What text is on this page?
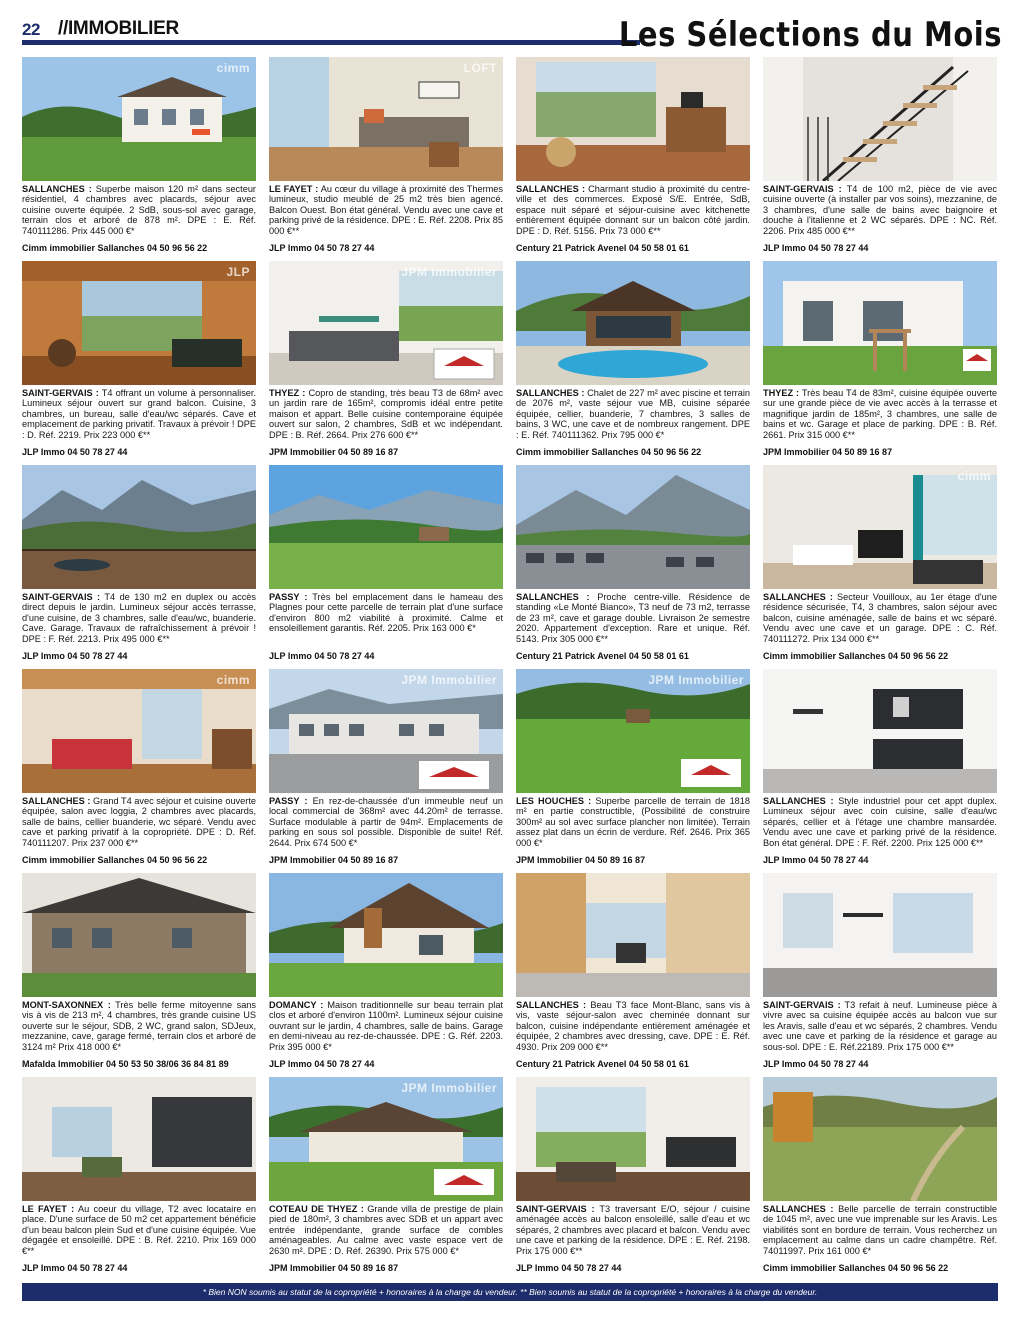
22 //IMMOBILIER	Les Sélections du Mois
cimm
SALLANCHES : Superbe maison 120 m² dans secteur résidentiel, 4 chambres avec placards, séjour avec cuisine ouverte équipée. 2 SdB, sous-sol avec garage, terrain clos et arboré de 878 m². DPE : E. Réf. 740111286. Prix 445 000 €*
Cimm immobilier Sallanches 04 50 96 56 22
LOFT
LE FAYET : Au cœur du village à proximité des Thermes lumineux, studio meublé de 25 m2 très bien agencé. Balcon Ouest. Bon état général. Vendu avec une cave et parking privé de la résidence. DPE : E. Réf. 2208. Prix 85 000 €**
JLP Immo 04 50 78 27 44
SALLANCHES : Charmant studio à proximité du centre-ville et des commerces. Exposé S/E. Entrée, SdB, espace nuit séparé et séjour-cuisine avec kitchenette entièrement équipée donnant sur un balcon côté jardin. DPE : D. Réf. 5156. Prix 73 000 €**
Century 21 Patrick Avenel 04 50 58 01 61
SAINT-GERVAIS : T4 de 100 m2, pièce de vie avec cuisine ouverte (à installer par vos soins), mezzanine, de 3 chambres, d'une salle de bains avec baignoire et douche à l'italienne et 2 WC séparés. DPE : NC. Réf. 2206. Prix 485 000 €**
JLP Immo 04 50 78 27 44
JLP
SAINT-GERVAIS : T4 offrant un volume à personnaliser. Lumineux séjour ouvert sur grand balcon. Cuisine, 3 chambres, un bureau, salle d'eau/wc séparés. Cave et emplacement de parking privatif. Travaux à prévoir ! DPE : D. Réf. 2219. Prix 223 000 €**
JLP Immo 04 50 78 27 44
JPM Immobilier
THYEZ : Copro de standing, très beau T3 de 68m² avec un jardin rare de 165m², compromis idéal entre petite maison et appart. Belle cuisine contemporaine équipée ouvert sur salon, 2 chambres, SdB et wc indépendant. DPE : B. Réf. 2664. Prix 276 600 €**
JPM Immobilier 04 50 89 16 87
SALLANCHES : Chalet de 227 m² avec piscine et terrain de 2076 m², vaste séjour vue MB, cuisine séparée équipée, cellier, buanderie, 7 chambres, 3 salles de bains, 3 WC, une cave et de nombreux rangement. DPE : E. Réf. 740111362. Prix 795 000 €*
Cimm immobilier Sallanches 04 50 96 56 22
THYEZ : Très beau T4 de 83m², cuisine équipée ouverte sur une grande pièce de vie avec accès à la terrasse et magnifique jardin de 185m², 3 chambres, une salle de bains et wc. Garage et place de parking. DPE : B. Réf. 2661. Prix 315 000 €**
JPM Immobilier 04 50 89 16 87
SAINT-GERVAIS : T4 de 130 m2 en duplex ou accès direct depuis le jardin. Lumineux séjour accès terrasse, d'une cuisine, de 3 chambres, salle d'eau/wc, buanderie. Cave. Garage. Travaux de rafraîchissement à prévoir ! DPE : F. Réf. 2213. Prix 495 000 €**
JLP Immo 04 50 78 27 44
PASSY : Très bel emplacement dans le hameau des Plagnes pour cette parcelle de terrain plat d'une surface d'environ 800 m2 viabilité à proximité. Calme et ensoleillement garantis. Réf. 2205. Prix 163 000 €*
JLP Immo 04 50 78 27 44
SALLANCHES : Proche centre-ville. Résidence de standing «Le Monté Bianco», T3 neuf de 73 m2, terrasse de 23 m², cave et garage double. Livraison 2e semestre 2020. Appartement d'exception. Rare et unique. Réf. 5143. Prix 305 000 €**
Century 21 Patrick Avenel 04 50 58 01 61
cimm
SALLANCHES : Secteur Vouilloux, au 1er étage d'une résidence sécurisée, T4, 3 chambres, salon séjour avec balcon, cuisine aménagée, salle de bains et wc séparé. Vendu avec une cave et un garage. DPE : C. Réf. 740111272. Prix 134 000 €**
Cimm immobilier Sallanches 04 50 96 56 22
cimm
SALLANCHES : Grand T4 avec séjour et cuisine ouverte équipée, salon avec loggia, 2 chambres avec placards, salle de bains, cellier buanderie, wc séparé. Vendu avec cave et parking privatif à la copropriété. DPE : D. Réf. 740111207. Prix 237 000 €**
Cimm immobilier Sallanches 04 50 96 56 22
JPM Immobilier
PASSY : En rez-de-chaussée d'un immeuble neuf un local commercial de 368m² avec 44.20m² de terrasse. Surface modulable à partir de 94m². Emplacements de parking en sous sol possible. Disponible de suite! Réf. 2644. Prix 674 500 €*
JPM Immobilier 04 50 89 16 87
JPM Immobilier
LES HOUCHES : Superbe parcelle de terrain de 1818 m² en partie constructible, (Possibilité de construire 300m² au sol avec surface plancher non limitée). Terrain assez plat dans un écrin de verdure. Réf. 2646. Prix 365 000 €*
JPM Immobilier 04 50 89 16 87
SALLANCHES : Style industriel pour cet appt duplex. Lumineux séjour avec coin cuisine, salle d'eau/wc séparés, cellier et à l'étage une chambre mansardée. Vendu avec une cave et parking privé de la résidence. Bon état général. DPE : F. Réf. 2200. Prix 125 000 €**
JLP Immo 04 50 78 27 44
MONT-SAXONNEX : Très belle ferme mitoyenne sans vis à vis de 213 m², 4 chambres, très grande cuisine US ouverte sur le séjour, SDB, 2 WC, grand salon, SDJeux, mezzanine, cave, garage fermé, terrain clos et arboré de 3124 m² Prix 418 000 €*
Mafalda Immobilier 04 50 53 50 38/06 36 84 81 89
DOMANCY : Maison traditionnelle sur beau terrain plat clos et arboré d'environ 1100m². Lumineux séjour cuisine ouvrant sur le jardin, 4 chambres, salle de bains. Garage en demi-niveau au rez-de-chaussée. DPE : G. Réf. 2203. Prix 395 000 €*
JLP Immo 04 50 78 27 44
SALLANCHES : Beau T3 face Mont-Blanc, sans vis à vis, vaste séjour-salon avec cheminée donnant sur balcon, cuisine indépendante entièrement aménagée et équipée, 2 chambres avec dressing, cave. DPE : E. Réf. 4930. Prix 209 000 €**
Century 21 Patrick Avenel 04 50 58 01 61
SAINT-GERVAIS : T3 refait à neuf. Lumineuse pièce à vivre avec sa cuisine équipée accès au balcon vue sur les Aravis, salle d'eau et wc séparés, 2 chambres. Vendu avec une cave et parking de la résidence et garage au sous-sol. DPE : E. Réf.22189. Prix 175 000 €**
JLP Immo 04 50 78 27 44
LE FAYET : Au coeur du village, T2 avec locataire en place. D'une surface de 50 m2 cet appartement bénéficie d'un beau balcon plein Sud et d'une cuisine équipée. Vue dégagée et ensoleillé. DPE : B. Réf. 2210. Prix 169 000 €**
JLP Immo 04 50 78 27 44
JPM Immobilier
COTEAU DE THYEZ : Grande villa de prestige de plain pied de 180m², 3 chambres avec SDB et un appart avec entrée indépendante, grande surface de combles aménageables. Au calme avec vaste espace vert de 2630 m². DPE : D. Réf. 26390. Prix 575 000 €*
JPM Immobilier 04 50 89 16 87
SAINT-GERVAIS : T3 traversant E/O, séjour / cuisine aménagée accès au balcon ensoleillé, salle d'eau et wc séparés, 2 chambres avec placard et balcon. Vendu avec une cave et parking de la résidence. DPE : E. Réf. 2198. Prix 175 000 €**
JLP Immo 04 50 78 27 44
SALLANCHES : Belle parcelle de terrain constructible de 1045 m², avec une vue imprenable sur les Aravis. Les viabilités sont en bordure de terrain. Vous recherchez un emplacement au calme dans un cadre champêtre. Réf. 74011997. Prix 161 000 €*
Cimm immobilier Sallanches 04 50 96 56 22
* Bien NON soumis au statut de la copropriété + honoraires à la charge du vendeur. ** Bien soumis au statut de la copropriété + honoraires à la charge du vendeur.
